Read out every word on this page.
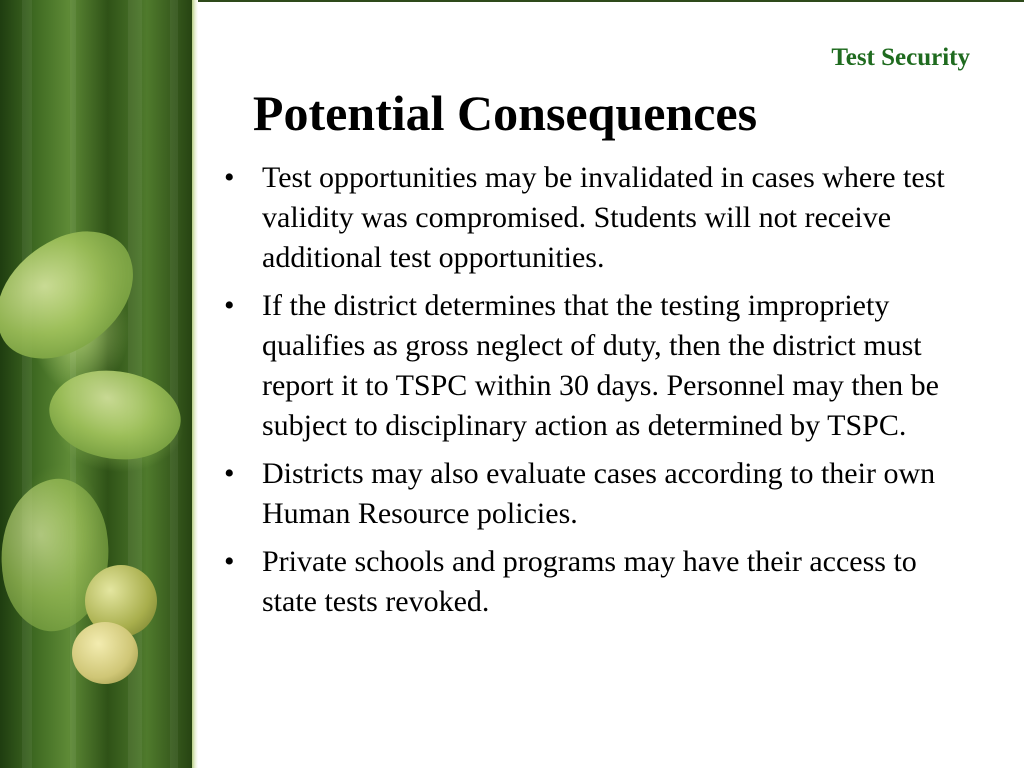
Test Security
Potential Consequences
• Test opportunities may be invalidated in cases where test validity was compromised. Students will not receive additional test opportunities.
• If the district determines that the testing impropriety qualifies as gross neglect of duty, then the district must report it to TSPC within 30 days. Personnel may then be subject to disciplinary action as determined by TSPC.
• Districts may also evaluate cases according to their own Human Resource policies.
• Private schools and programs may have their access to state tests revoked.
